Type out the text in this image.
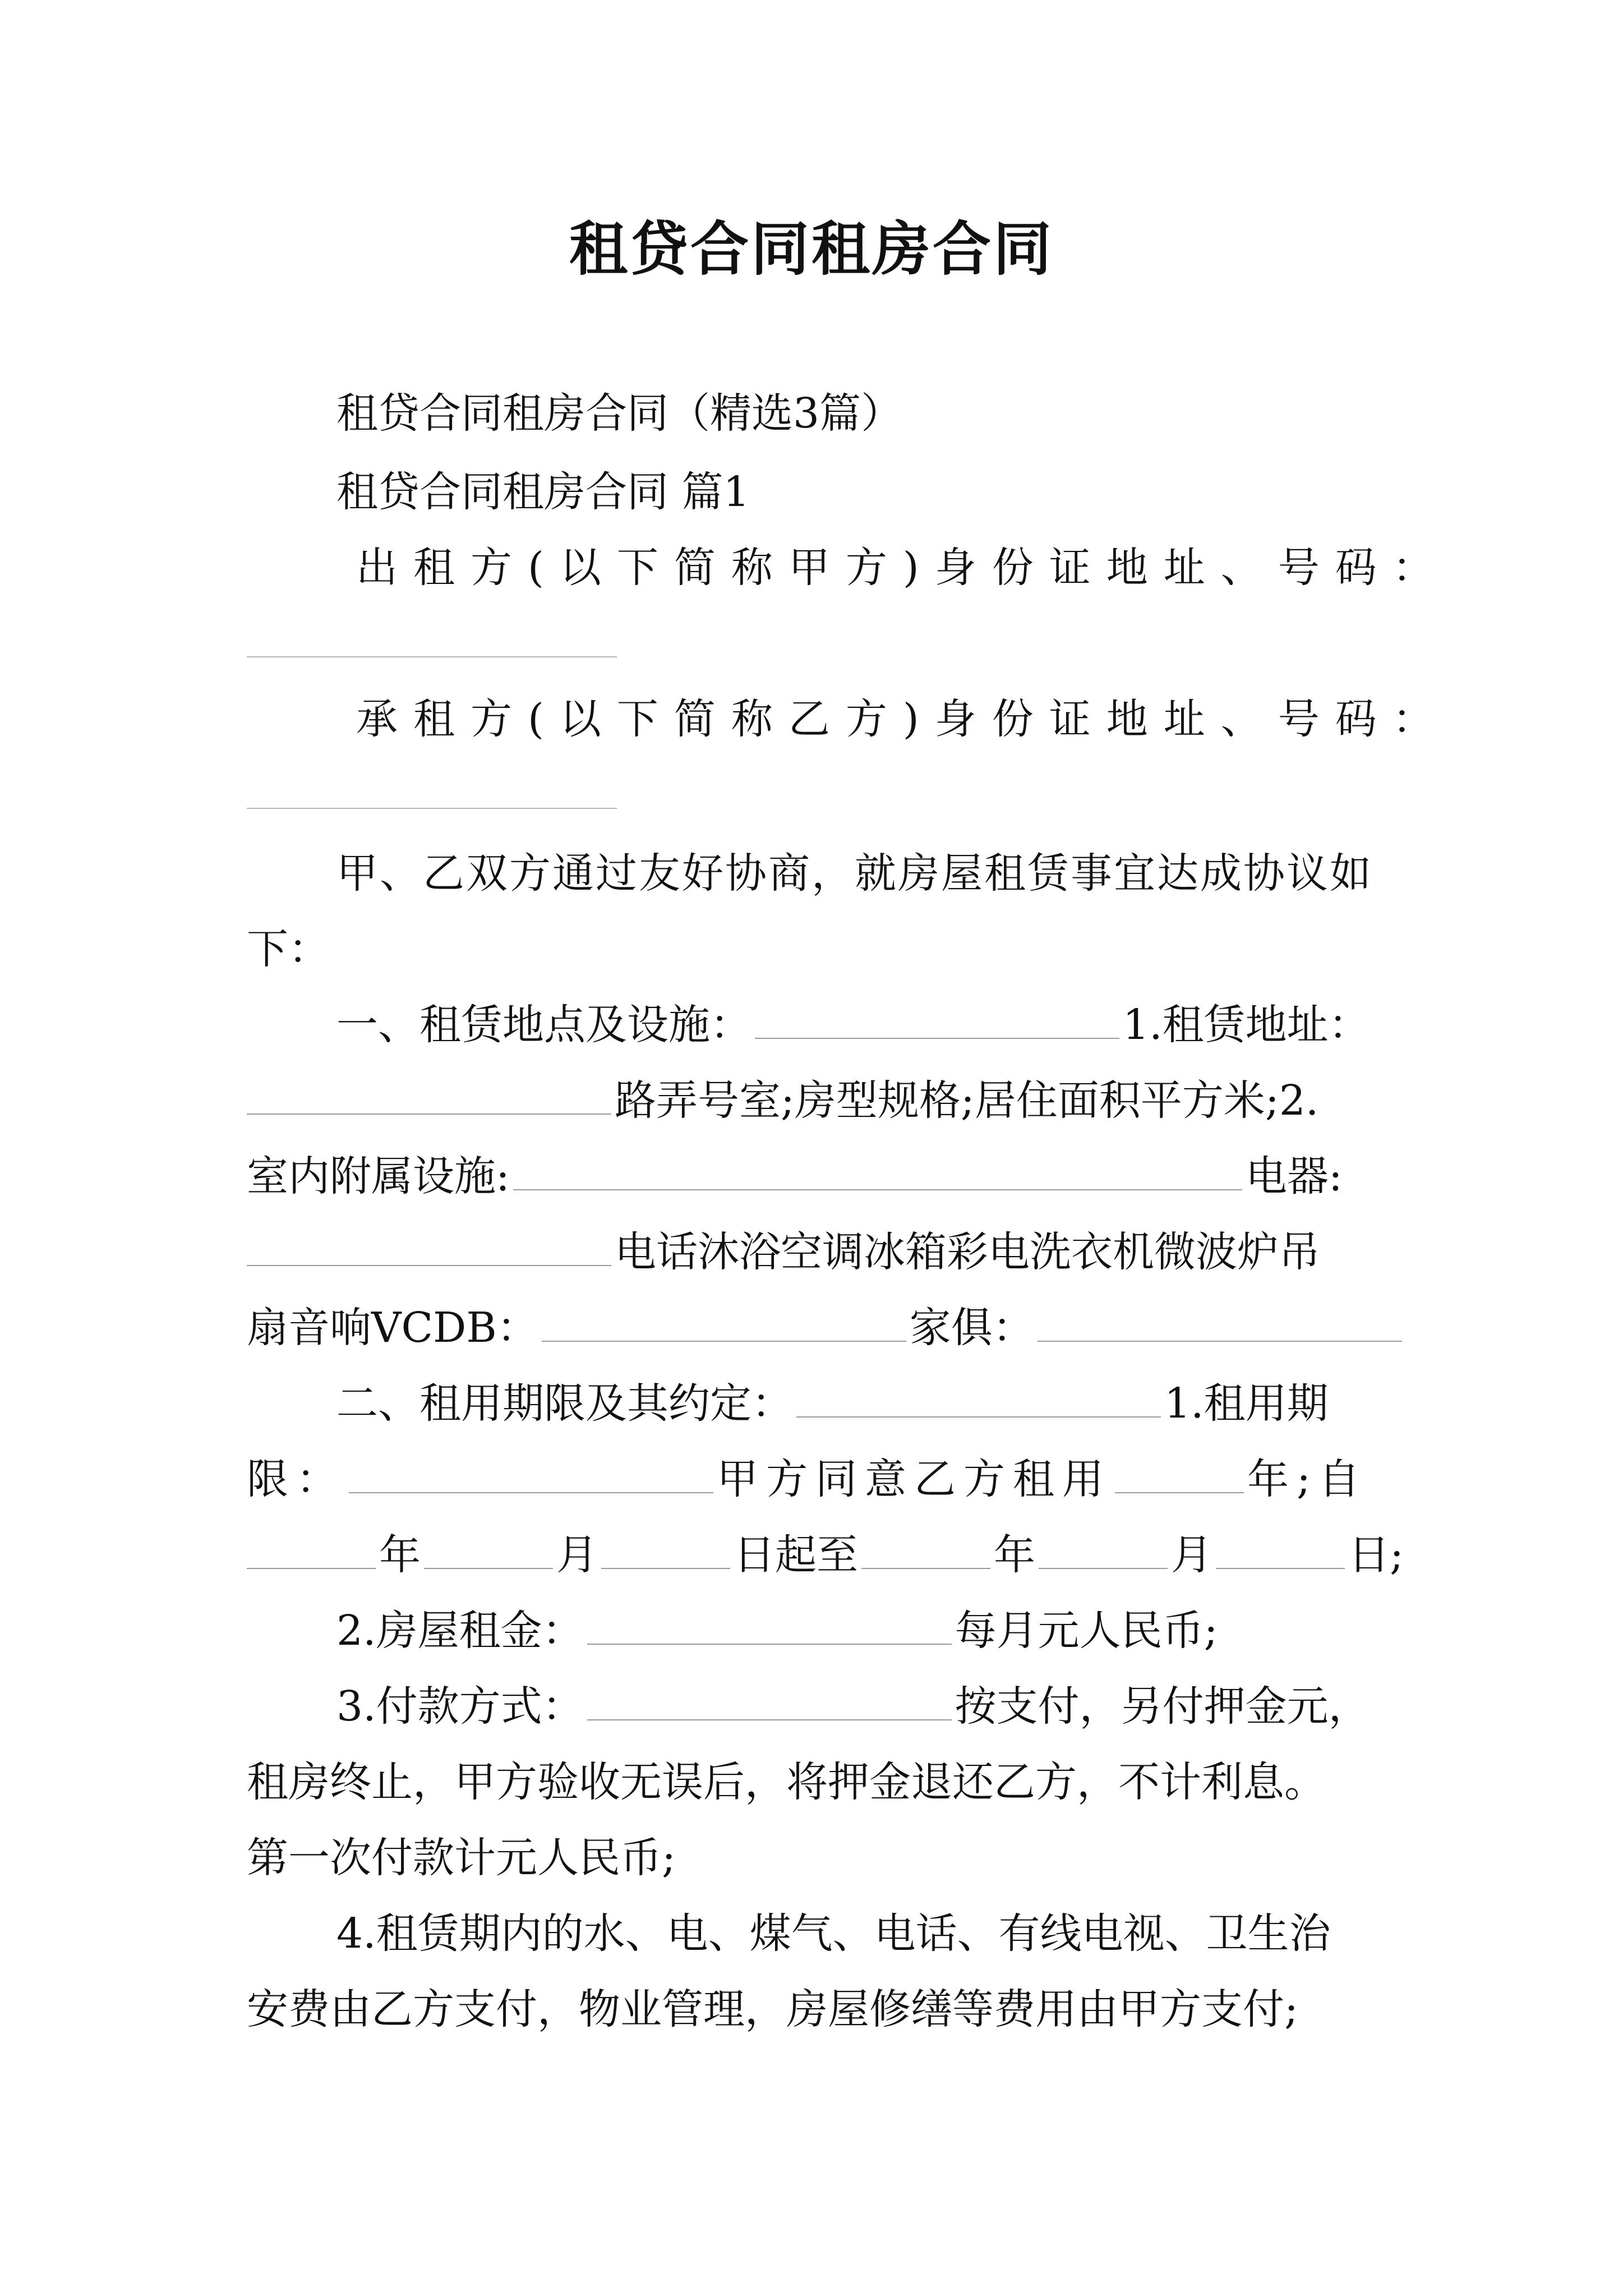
租贷合同租房合同
租贷合同租房合同（精选3篇）
租贷合同租房合同 篇1
出租方(以下简称甲方)身份证地址、号码：
承租方(以下简称乙方)身份证地址、号码：
甲、乙双方通过友好协商，就房屋租赁事宜达成协议如
下：
一、租赁地点及设施：	1.租赁地址：
路弄号室;房型规格;居住面积平方米;2.
室内附属设施:	电器:
电话沐浴空调冰箱彩电洗衣机微波炉吊
扇音响VCDB：	家俱：
二、租用期限及其约定：	1.租用期
限：	甲方同意乙方租用	年;自
年	月	日起至	年	月	日;
2.房屋租金：	每月元人民币;
3.付款方式：	按支付，另付押金元，
租房终止，甲方验收无误后，将押金退还乙方，不计利息。
第一次付款计元人民币;
4.租赁期内的水、电、煤气、电话、有线电视、卫生治
安费由乙方支付，物业管理，房屋修缮等费用由甲方支付;
